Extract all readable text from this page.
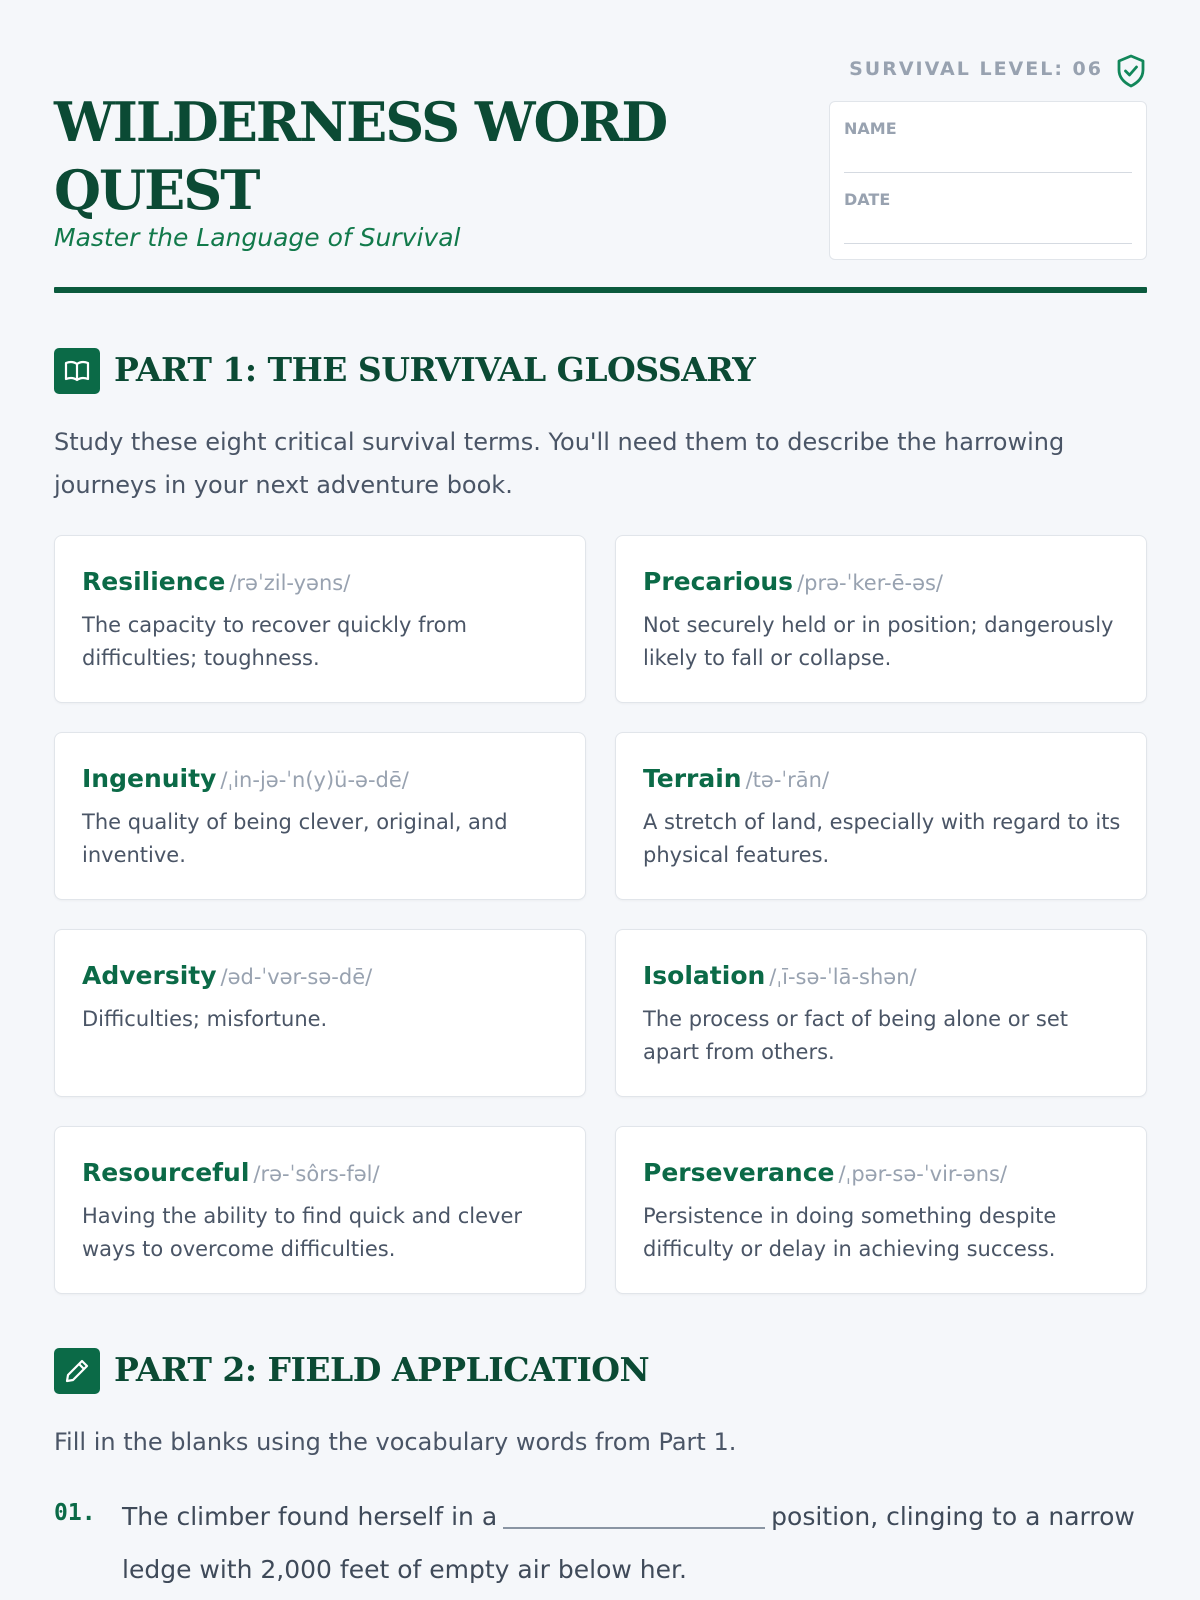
WILDERNESS WORD QUEST
Master the Language of Survival
SURVIVAL LEVEL: 06
NAME
DATE
PART 1: THE SURVIVAL GLOSSARY
Study these eight critical survival terms. You'll need them to describe the harrowing journeys in your next adventure book.
Resilience /rəˈzil-yəns/
The capacity to recover quickly from difficulties; toughness.
Precarious /prə-ˈker-ē-əs/
Not securely held or in position; dangerously likely to fall or collapse.
Ingenuity /ˌin-jə-ˈn(y)ü-ə-dē/
The quality of being clever, original, and inventive.
Terrain /tə-ˈrān/
A stretch of land, especially with regard to its physical features.
Adversity /əd-ˈvər-sə-dē/
Difficulties; misfortune.
Isolation /ˌī-sə-ˈlā-shən/
The process or fact of being alone or set apart from others.
Resourceful /rə-ˈsôrs-fəl/
Having the ability to find quick and clever ways to overcome difficulties.
Perseverance /ˌpər-sə-ˈvir-əns/
Persistence in doing something despite difficulty or delay in achieving success.
PART 2: FIELD APPLICATION
Fill in the blanks using the vocabulary words from Part 1.
01. The climber found herself in a	position, clinging to a narrow ledge with 2,000 feet of empty air below her.
